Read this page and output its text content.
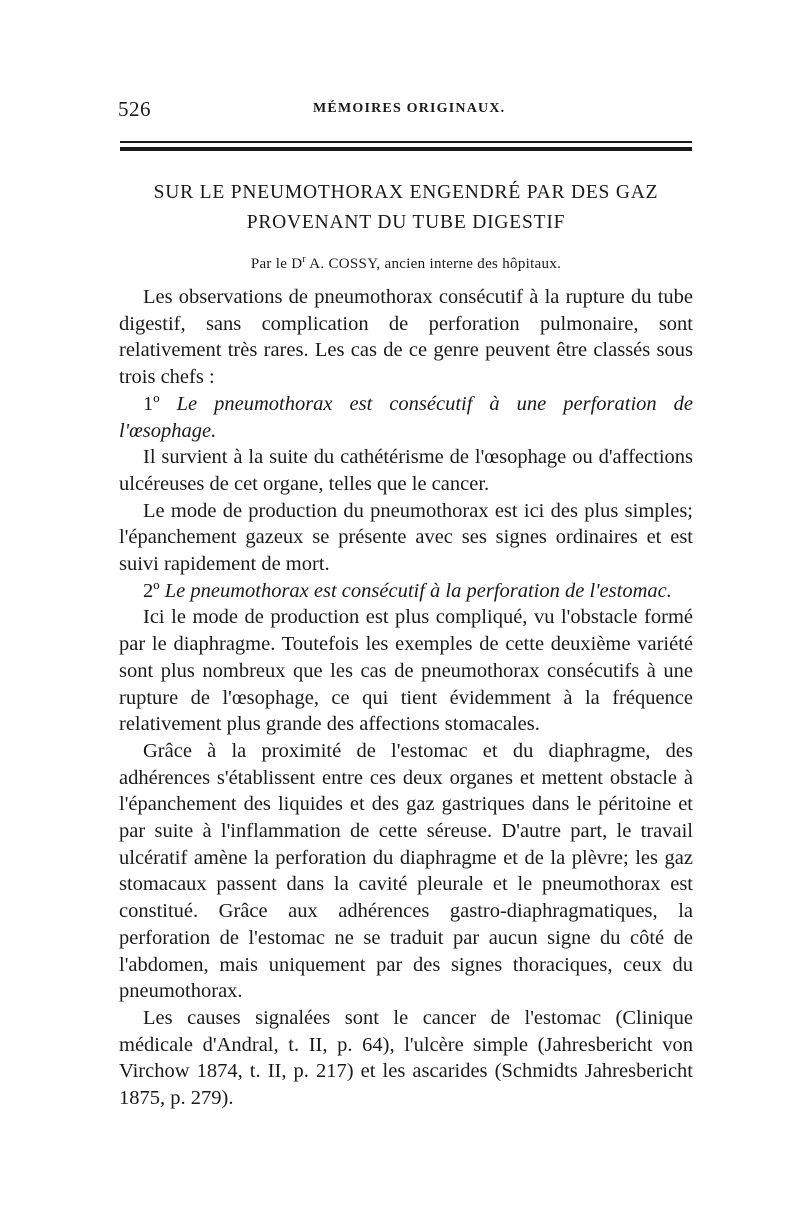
526	MÉMOIRES ORIGINAUX.
SUR LE PNEUMOTHORAX ENGENDRÉ PAR DES GAZ
PROVENANT DU TUBE DIGESTIF
Par le $D^r$ A. COSSY, ancien interne des hôpitaux.

Les observations de pneumothorax consécutif à la rupture du tube digestif, sans complication de perforation pulmonaire, sont relativement très rares. Les cas de ce genre peuvent être classés sous trois chefs :

1º Le pneumothorax est consécutif à une perforation de l'œsophage.

Il survient à la suite du cathétérisme de l'œsophage ou d'affections ulcéreuses de cet organe, telles que le cancer.

Le mode de production du pneumothorax est ici des plus simples; l'épanchement gazeux se présente avec ses signes ordinaires et est suivi rapidement de mort.

2º Le pneumothorax est consécutif à la perforation de l'estomac.

Ici le mode de production est plus compliqué, vu l'obstacle formé par le diaphragme. Toutefois les exemples de cette deuxième variété sont plus nombreux que les cas de pneumothorax consécutifs à une rupture de l'œsophage, ce qui tient évidemment à la fréquence relativement plus grande des affections stomacales.

Grâce à la proximité de l'estomac et du diaphragme, des adhérences s'établissent entre ces deux organes et mettent obstacle à l'épanchement des liquides et des gaz gastriques dans le péritoine et par suite à l'inflammation de cette séreuse. D'autre part, le travail ulcératif amène la perforation du diaphragme et de la plèvre; les gaz stomacaux passent dans la cavité pleurale et le pneumothorax est constitué. Grâce aux adhérences gastro-diaphragmatiques, la perforation de l'estomac ne se traduit par aucun signe du côté de l'abdomen, mais uniquement par des signes thoraciques, ceux du pneumothorax.

Les causes signalées sont le cancer de l'estomac (Clinique médicale d'Andral, t. II, p. 64), l'ulcère simple (Jahresbericht von Virchow 1874, t. II, p. 217) et les ascarides (Schmidts Jahresbericht 1875, p. 279).
